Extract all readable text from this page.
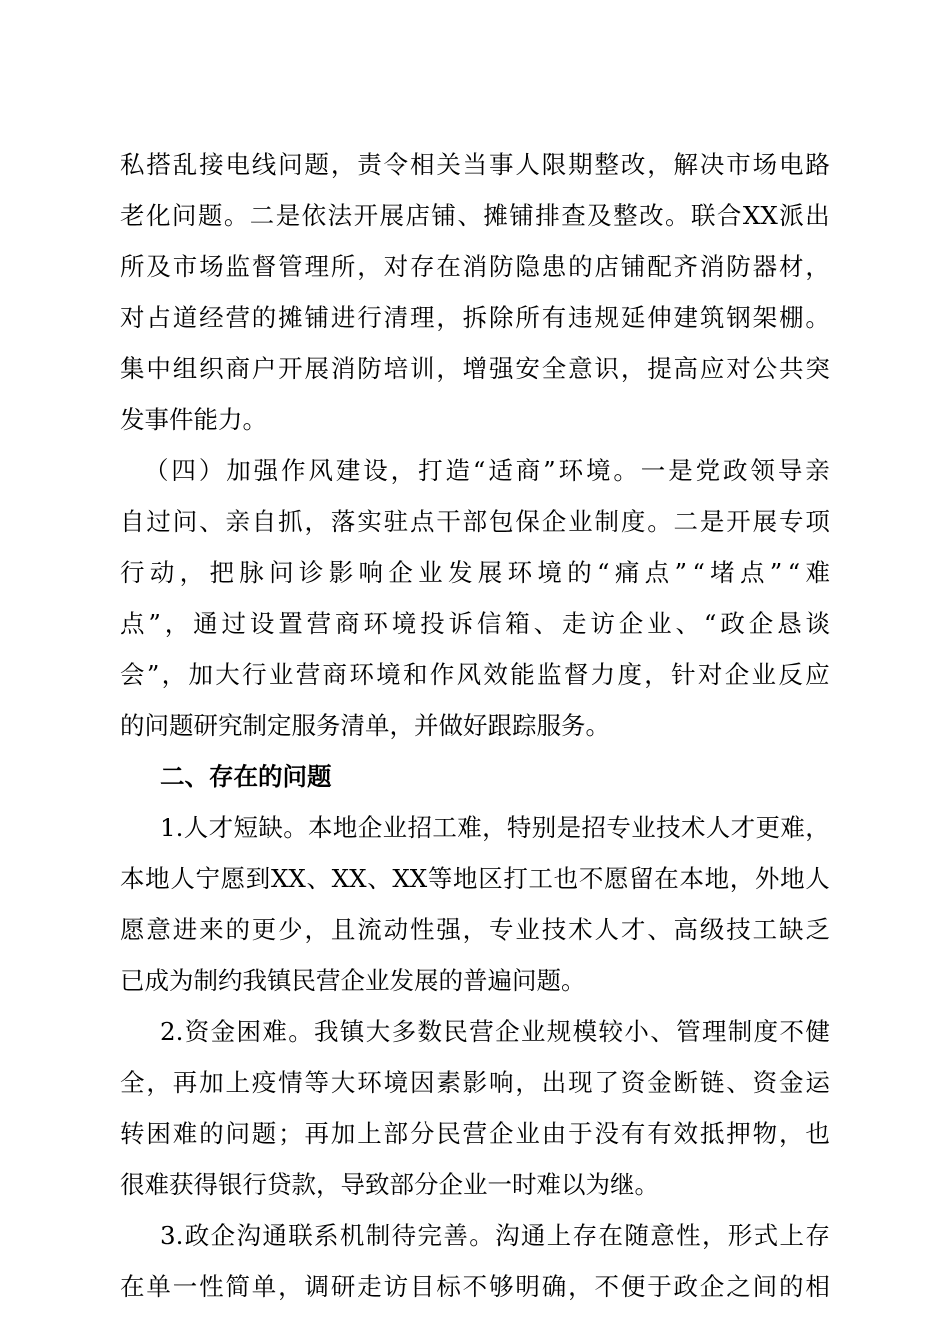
私 搭 乱 接 电 线 问 题 ， 责 令 相 关 当 事 人 限 期 整 改 ， 解 决 市 场 电 路

老 化 问 题 。 二 是 依 法 开 展 店 铺 、 摊 铺 排 查 及 整 改 。 联 合 XX 派 出

所 及 市 场 监 督 管 理 所 ， 对 存 在 消 防 隐 患 的 店 铺 配 齐 消 防 器 材 ，

对 占 道 经 营 的 摊 铺 进 行 清 理 ， 拆 除 所 有 违 规 延 伸 建 筑 钢 架 棚 。

集 中 组 织 商 户 开 展 消 防 培 训 ， 增 强 安 全 意 识 ， 提 高 应 对 公 共 突

发事件能力。

（ 四 ） 加 强 作 风 建 设 ， 打 造 “ 适 商 ” 环 境 。 一 是 党 政 领 导 亲

自 过 问 、 亲 自 抓 ， 落 实 驻 点 干 部 包 保 企 业 制 度 。 二 是 开 展 专 项

行 动 ， 把 脉 问 诊 影 响 企 业 发 展 环 境 的 “ 痛 点 ” “ 堵 点 ” “ 难

点 ” ， 通 过 设 置 营 商 环 境 投 诉 信 箱 、 走 访 企 业 、 “ 政 企 恳 谈

会 ” ， 加 大 行 业 营 商 环 境 和 作 风 效 能 监 督 力 度 ， 针 对 企 业 反 应

的问题研究制定服务清单，并做好跟踪服务。

二、存在的问题

1. 人 才 短 缺 。 本 地 企 业 招 工 难 ， 特 别 是 招 专 业 技 术 人 才 更 难 ，

本 地 人 宁 愿 到 XX 、 XX 、 XX 等 地 区 打 工 也 不 愿 留 在 本 地 ， 外 地 人

愿 意 进 来 的 更 少 ， 且 流 动 性 强 ， 专 业 技 术 人 才 、 高 级 技 工 缺 乏

已成为制约我镇民营企业发展的普遍问题。

2. 资 金 困 难 。 我 镇 大 多 数 民 营 企 业 规 模 较 小 、 管 理 制 度 不 健

全 ， 再 加 上 疫 情 等 大 环 境 因 素 影 响 ， 出 现 了 资 金 断 链 、 资 金 运

转 困 难 的 问 题 ； 再 加 上 部 分 民 营 企 业 由 于 没 有 有 效 抵 押 物 ， 也

很难获得银行贷款，导致部分企业一时难以为继。

3. 政 企 沟 通 联 系 机 制 待 完 善 。 沟 通 上 存 在 随 意 性 ， 形 式 上 存

在 单 一 性 简 单 ， 调 研 走 访 目 标 不 够 明 确 ， 不 便 于 政 企 之 间 的 相
